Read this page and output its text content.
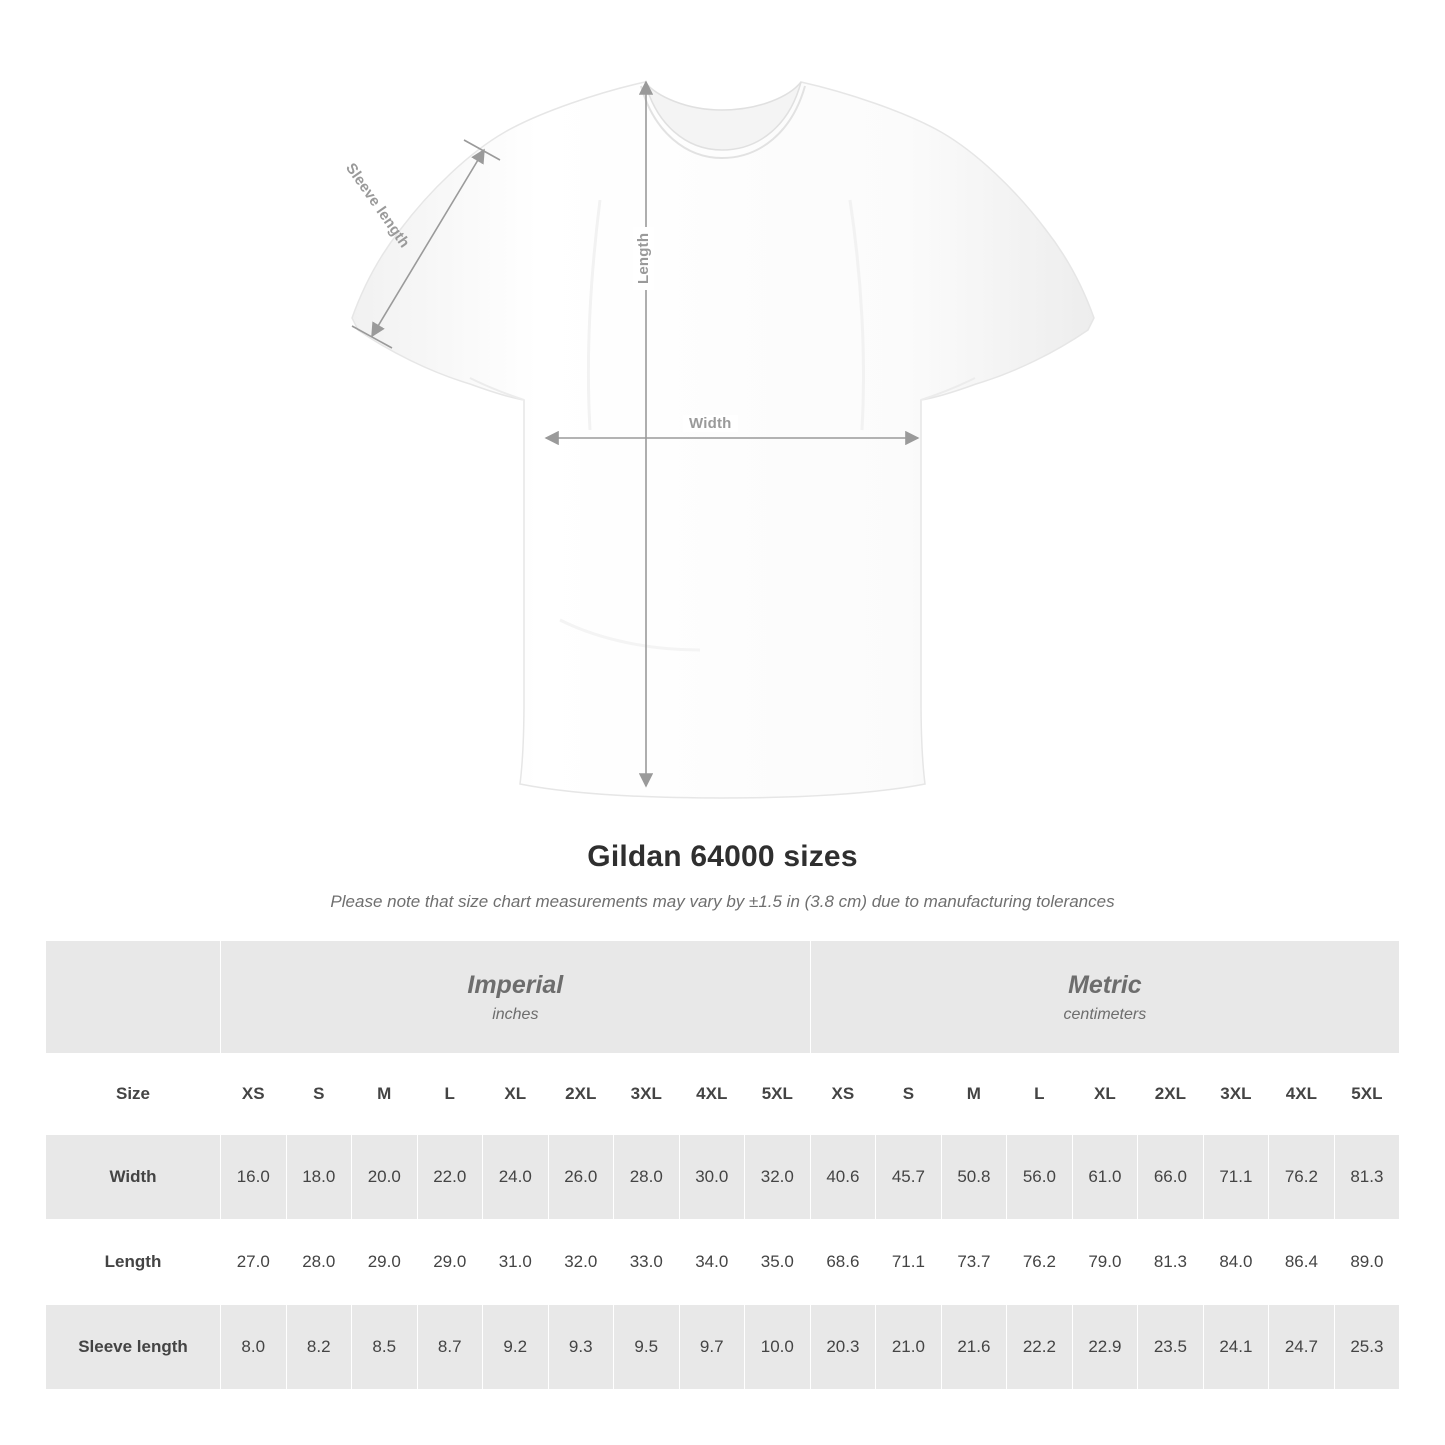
Sleeve length
Length
Width
Gildan 64000 sizes
Please note that size chart measurements may vary by ±1.5 in (3.8 cm) due to manufacturing tolerances

Imperial
inches

Metric
centimeters

Size	XS	S	M	L	XL	2XL	3XL	4XL	5XL	XS	S	M	L	XL	2XL	3XL	4XL	5XL
Width	16.0	18.0	20.0	22.0	24.0	26.0	28.0	30.0	32.0	40.6	45.7	50.8	56.0	61.0	66.0	71.1	76.2	81.3
Length	27.0	28.0	29.0	29.0	31.0	32.0	33.0	34.0	35.0	68.6	71.1	73.7	76.2	79.0	81.3	84.0	86.4	89.0
Sleeve length	8.0	8.2	8.5	8.7	9.2	9.3	9.5	9.7	10.0	20.3	21.0	21.6	22.2	22.9	23.5	24.1	24.7	25.3
